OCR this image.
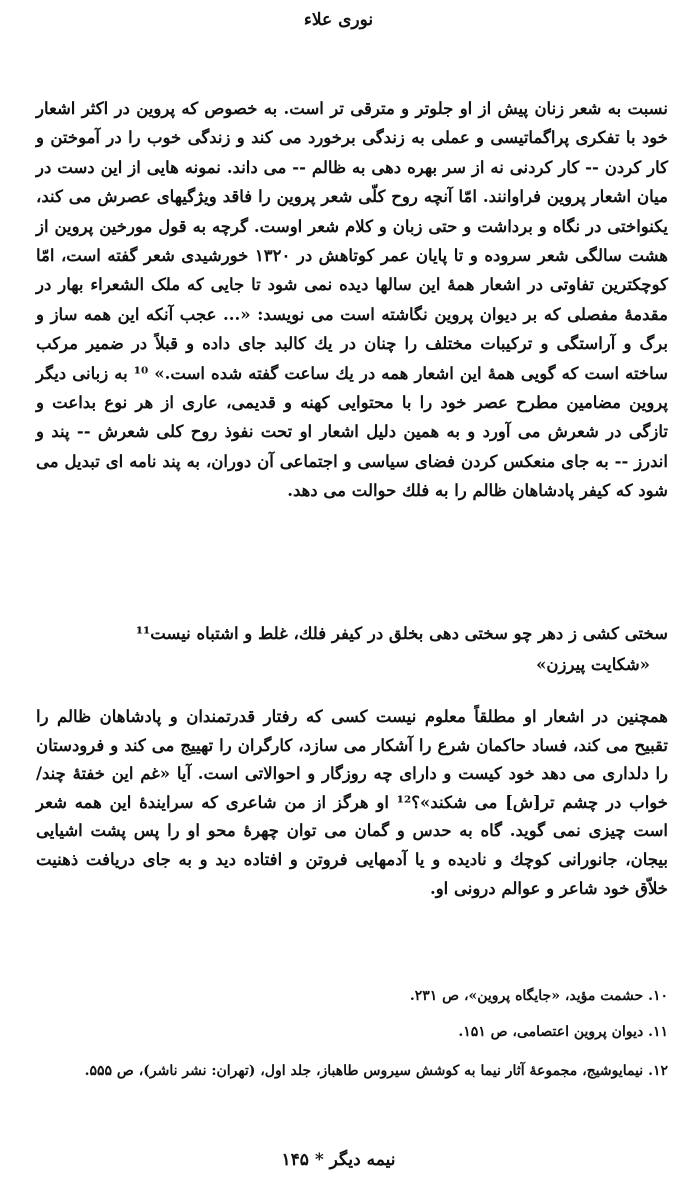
نوری علاء

نسبت به شعر زنان پیش از او جلوتر و مترقی تر است. به خصوص که پروین در اکثر اشعار خود با تفکری پراگماتیسی و عملی به زندگی برخورد می کند و زندگی خوب را در آموختن و کار کردن -- کار کردنی نه از سر بهره دهی به ظالم -- می داند. نمونه هایی از این دست در میان اشعار پروین فراوانند. امّا آنچه روح کلّی شعر پروین را فاقد ویژگیهای عصرش می کند، یکنواختی در نگاه و برداشت و حتی زبان و کلام شعر اوست. گرچه به قول مورخین پروین از هشت سالگی شعر سروده و تا پایان عمر کوتاهش در ۱۳۲۰ خورشیدی شعر گفته است، امّا کوچکترین تفاوتی در اشعار همهٔ این سالها دیده نمی شود تا جایی که ملک الشعراء بهار در مقدمهٔ مفصلی که بر دیوان پروین نگاشته است می نویسد: «... عجب آنکه این همه ساز و برگ و آراستگی و ترکیبات مختلف را چنان در یك کالبد جای داده و قبلاً در ضمیر مرکب ساخته است که گویی همهٔ این اشعار همه در یك ساعت گفته شده است.» ¹⁰ به زبانی دیگر پروین مضامین مطرح عصر خود را با محتوایی کهنه و قدیمی، عاری از هر نوع بداعت و تازگی در شعرش می آورد و به همین دلیل اشعار او تحت نفوذ روح کلی شعرش -- پند و اندرز -- به جای منعکس کردن فضای سیاسی و اجتماعی آن دوران، به پند نامه ای تبدیل می شود که کیفر پادشاهان ظالم را به فلك حوالت می دهد.

سختی کشی ز دهر چو سختی دهی بخلق در کیفر فلك، غلط و اشتباه نیست¹¹
«شکایت پیرزن»

همچنین در اشعار او مطلقاً معلوم نیست کسی که رفتار قدرتمندان و پادشاهان ظالم را تقبیح می کند، فساد حاکمان شرع را آشکار می سازد، کارگران را تهییج می کند و فرودستان را دلداری می دهد خود کیست و دارای چه روزگار و احوالاتی است. آیا «غم این خفتهٔ چند/خواب در چشم تر[ش] می شکند»؟¹² او هرگز از من شاعری که سرایندهٔ این همه شعر است چیزی نمی گوید. گاه به حدس و گمان می توان چهرهٔ محو او را پس پشت اشیایی بیجان، جانورانی کوچك و نادیده و یا آدمهایی فروتن و افتاده دید و به جای دریافت ذهنیت خلاّق خود شاعر و عوالم درونی او.

۱۰. حشمت مؤید، «جایگاه پروین»، ص ۲۳۱.

۱۱. دیوان پروین اعتصامی، ص ۱۵۱.

۱۲. نیمایوشیج، مجموعهٔ آثار نیما به کوشش سیروس طاهباز، جلد اول، (تهران: نشر ناشر)، ص ۵۵۵.

نیمه دیگر * ۱۴۵
